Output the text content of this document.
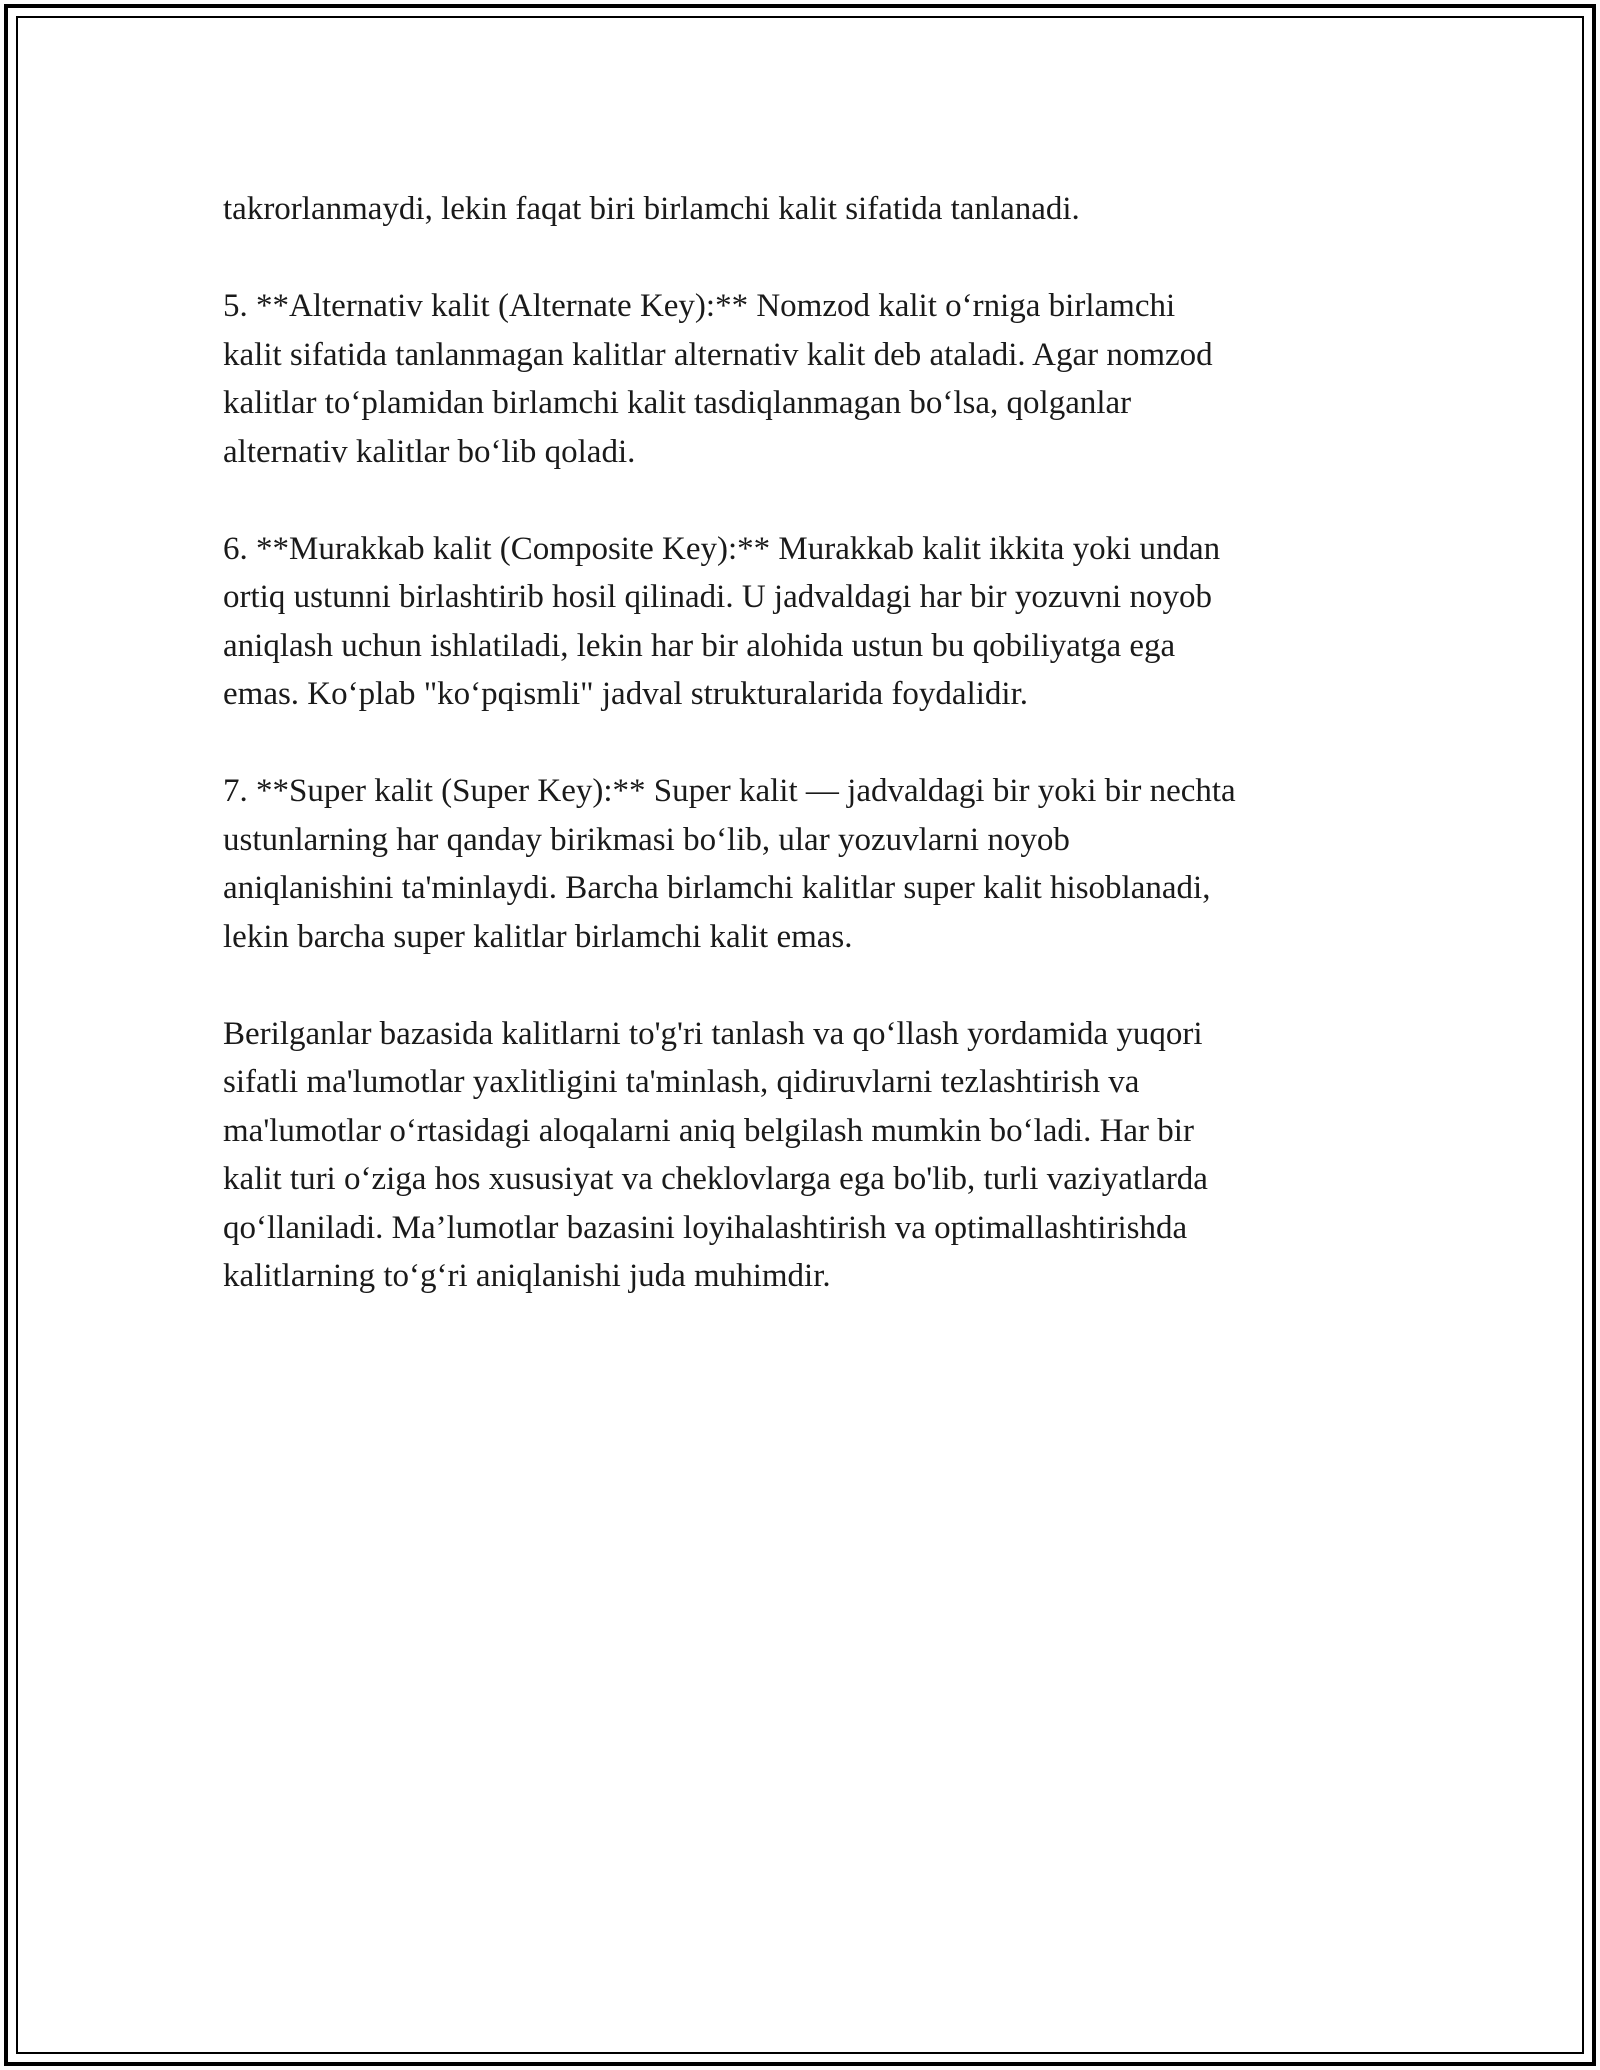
takrorlanmaydi, lekin faqat biri birlamchi kalit sifatida tanlanadi.

5. **Alternativ kalit (Alternate Key):** Nomzod kalit o‘rniga birlamchi
kalit sifatida tanlanmagan kalitlar alternativ kalit deb ataladi. Agar nomzod
kalitlar to‘plamidan birlamchi kalit tasdiqlanmagan bo‘lsa, qolganlar
alternativ kalitlar bo‘lib qoladi.

6. **Murakkab kalit (Composite Key):** Murakkab kalit ikkita yoki undan
ortiq ustunni birlashtirib hosil qilinadi. U jadvaldagi har bir yozuvni noyob
aniqlash uchun ishlatiladi, lekin har bir alohida ustun bu qobiliyatga ega
emas. Ko‘plab "ko‘pqismli" jadval strukturalarida foydalidir.

7. **Super kalit (Super Key):** Super kalit — jadvaldagi bir yoki bir nechta
ustunlarning har qanday birikmasi bo‘lib, ular yozuvlarni noyob
aniqlanishini ta'minlaydi. Barcha birlamchi kalitlar super kalit hisoblanadi,
lekin barcha super kalitlar birlamchi kalit emas.

Berilganlar bazasida kalitlarni to'g'ri tanlash va qo‘llash yordamida yuqori
sifatli ma'lumotlar yaxlitligini ta'minlash, qidiruvlarni tezlashtirish va
ma'lumotlar o‘rtasidagi aloqalarni aniq belgilash mumkin bo‘ladi. Har bir
kalit turi o‘ziga hos xususiyat va cheklovlarga ega bo'lib, turli vaziyatlarda
qo‘llaniladi. Ma’lumotlar bazasini loyihalashtirish va optimallashtirishda
kalitlarning to‘g‘ri aniqlanishi juda muhimdir.
